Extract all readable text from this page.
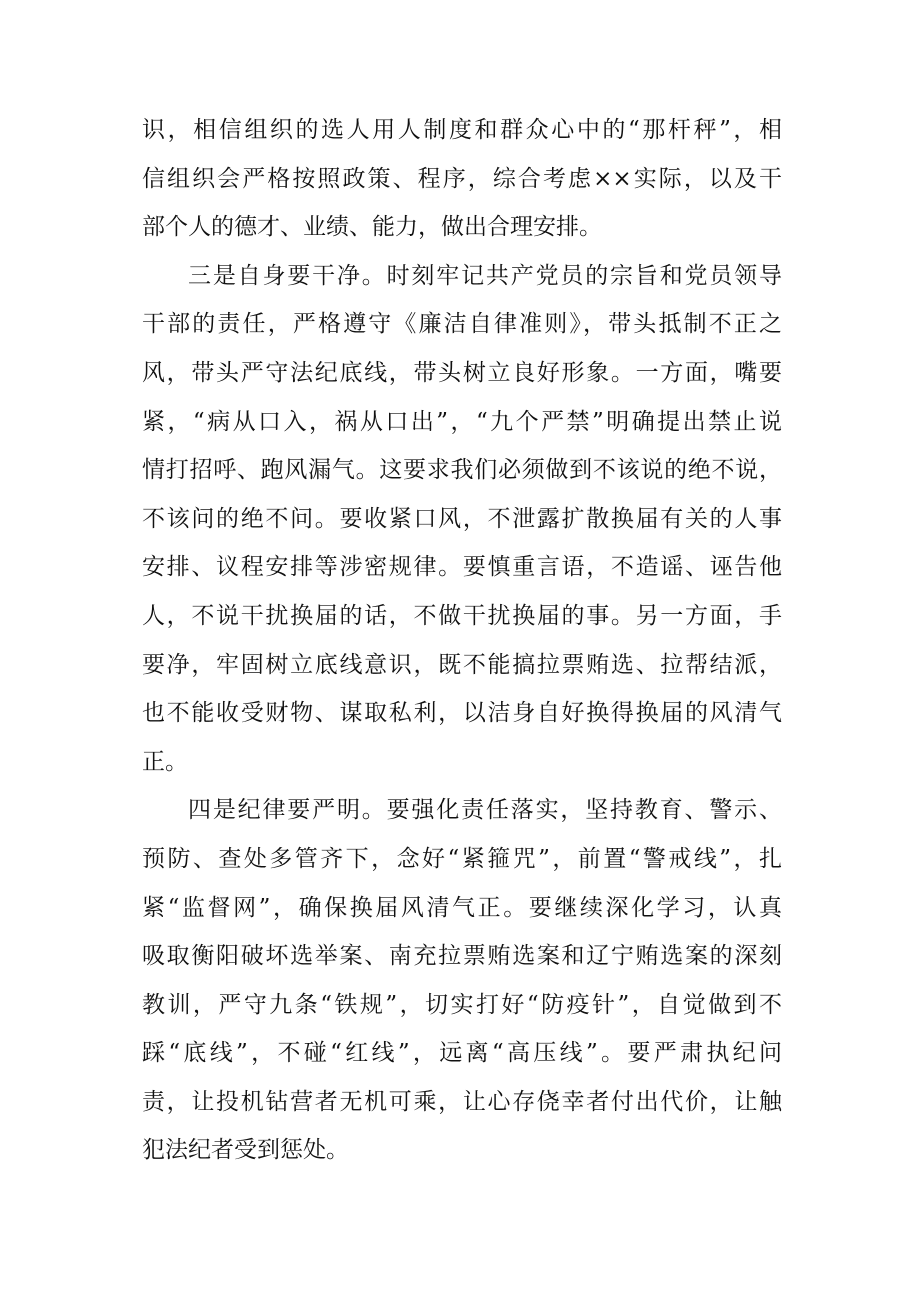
识，相信组织的选人用人制度和群众心中的“那杆秤”，相
信组织会严格按照政策、程序，综合考虑××实际，以及干
部个人的德才、业绩、能力，做出合理安排。
三是自身要干净。时刻牢记共产党员的宗旨和党员领导
干部的责任，严格遵守《廉洁自律准则》，带头抵制不正之
风，带头严守法纪底线，带头树立良好形象。一方面，嘴要
紧，“病从口入，祸从口出”，“九个严禁”明确提出禁止说
情打招呼、跑风漏气。这要求我们必须做到不该说的绝不说，
不该问的绝不问。要收紧口风，不泄露扩散换届有关的人事
安排、议程安排等涉密规律。要慎重言语，不造谣、诬告他
人，不说干扰换届的话，不做干扰换届的事。另一方面，手
要净，牢固树立底线意识，既不能搞拉票贿选、拉帮结派，
也不能收受财物、谋取私利，以洁身自好换得换届的风清气
正。
四是纪律要严明。要强化责任落实，坚持教育、警示、
预防、查处多管齐下，念好“紧箍咒”，前置“警戒线”，扎
紧“监督网”，确保换届风清气正。要继续深化学习，认真
吸取衡阳破坏选举案、南充拉票贿选案和辽宁贿选案的深刻
教训，严守九条“铁规”，切实打好“防疫针”，自觉做到不
踩“底线”，不碰“红线”，远离“高压线”。要严肃执纪问
责，让投机钻营者无机可乘，让心存侥幸者付出代价，让触
犯法纪者受到惩处。
